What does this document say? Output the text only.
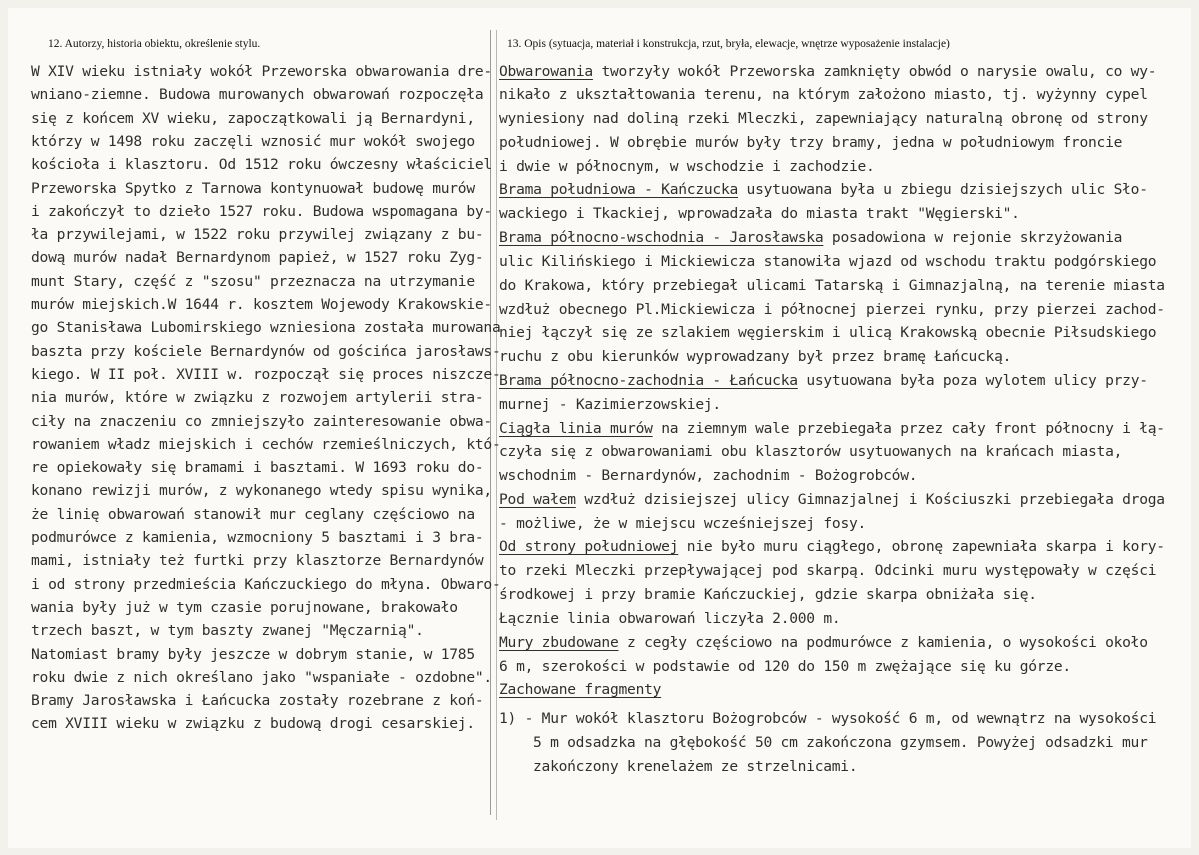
12. Autorzy, historia obiektu, określenie stylu.	13. Opis (sytuacja, materiał i konstrukcja, rzut, bryła, elewacje, wnętrze wyposażenie instalacje)
W XIV wieku istniały wokół Przeworska obwarowania dre-
wniano-ziemne. Budowa murowanych obwarowań rozpoczęła
się z końcem XV wieku, zapoczątkowali ją Bernardyni,
którzy w 1498 roku zaczęli wznosić mur wokół swojego
kościoła i klasztoru. Od 1512 roku ówczesny właściciel
Przeworska Spytko z Tarnowa kontynuował budowę murów
i zakończył to dzieło 1527 roku. Budowa wspomagana by-
ła przywilejami, w 1522 roku przywilej związany z bu-
dową murów nadał Bernardynom papież, w 1527 roku Zyg-
munt Stary, część z "szosu" przeznacza na utrzymanie
murów miejskich.W 1644 r. kosztem Wojewody Krakowskie-
go Stanisława Lubomirskiego wzniesiona została murowana
baszta przy kościele Bernardynów od gościńca jarosławs-
kiego. W II poł. XVIII w. rozpoczął się proces niszcze-
nia murów, które w związku z rozwojem artylerii stra-
ciły na znaczeniu co zmniejszyło zainteresowanie obwa-
rowaniem władz miejskich i cechów rzemieślniczych, któ-
re opiekowały się bramami i basztami. W 1693 roku do-
konano rewizji murów, z wykonanego wtedy spisu wynika,
że linię obwarowań stanowił mur ceglany częściowo na
podmurówce z kamienia, wzmocniony 5 basztami i 3 bra-
mami, istniały też furtki przy klasztorze Bernardynów
i od strony przedmieścia Kańczuckiego do młyna. Obwaro-
wania były już w tym czasie porujnowane, brakowało
trzech baszt, w tym baszty zwanej "Męczarnią".
Natomiast bramy były jeszcze w dobrym stanie, w 1785
roku dwie z nich określano jako "wspaniałe - ozdobne".
Bramy Jarosławska i Łańcucka zostały rozebrane z koń-
cem XVIII wieku w związku z budową drogi cesarskiej.
Obwarowania tworzyły wokół Przeworska zamknięty obwód o narysie owalu, co wy-
nikało z ukształtowania terenu, na którym założono miasto, tj. wyżynny cypel
wyniesiony nad doliną rzeki Mleczki, zapewniający naturalną obronę od strony
południowej. W obrębie murów były trzy bramy, jedna w południowym froncie
i dwie w północnym, w wschodzie i zachodzie.
Brama południowa - Kańczucka usytuowana była u zbiegu dzisiejszych ulic Sło-
wackiego i Tkackiej, wprowadzała do miasta trakt "Węgierski".
Brama północno-wschodnia - Jarosławska posadowiona w rejonie skrzyżowania
ulic Kilińskiego i Mickiewicza stanowiła wjazd od wschodu traktu podgórskiego
do Krakowa, który przebiegał ulicami Tatarską i Gimnazjalną, na terenie miasta
wzdłuż obecnego Pl.Mickiewicza i północnej pierzei rynku, przy pierzei zachod-
niej łączył się ze szlakiem węgierskim i ulicą Krakowską obecnie Piłsudskiego
ruchu z obu kierunków wyprowadzany był przez bramę Łańcucką.
Brama północno-zachodnia - Łańcucka usytuowana była poza wylotem ulicy przy-
murnej - Kazimierzowskiej.
Ciągła linia murów na ziemnym wale przebiegała przez cały front północny i łą-
czyła się z obwarowaniami obu klasztorów usytuowanych na krańcach miasta,
wschodnim - Bernardynów, zachodnim - Bożogrobców.
Pod wałem wzdłuż dzisiejszej ulicy Gimnazjalnej i Kościuszki przebiegała droga
- możliwe, że w miejscu wcześniejszej fosy.
Od strony południowej nie było muru ciągłego, obronę zapewniała skarpa i kory-
to rzeki Mleczki przepływającej pod skarpą. Odcinki muru występowały w części
środkowej i przy bramie Kańczuckiej, gdzie skarpa obniżała się.
Łącznie linia obwarowań liczyła 2.000 m.
Mury zbudowane z cegły częściowo na podmurówce z kamienia, o wysokości około
6 m, szerokości w podstawie od 120 do 150 m zwężające się ku górze.
Zachowane fragmenty
1) - Mur wokół klasztoru Bożogrobców - wysokość 6 m, od wewnątrz na wysokości
5 m odsadzka na głębokość 50 cm zakończona gzymsem. Powyżej odsadzki mur
zakończony krenelażem ze strzelnicami.
